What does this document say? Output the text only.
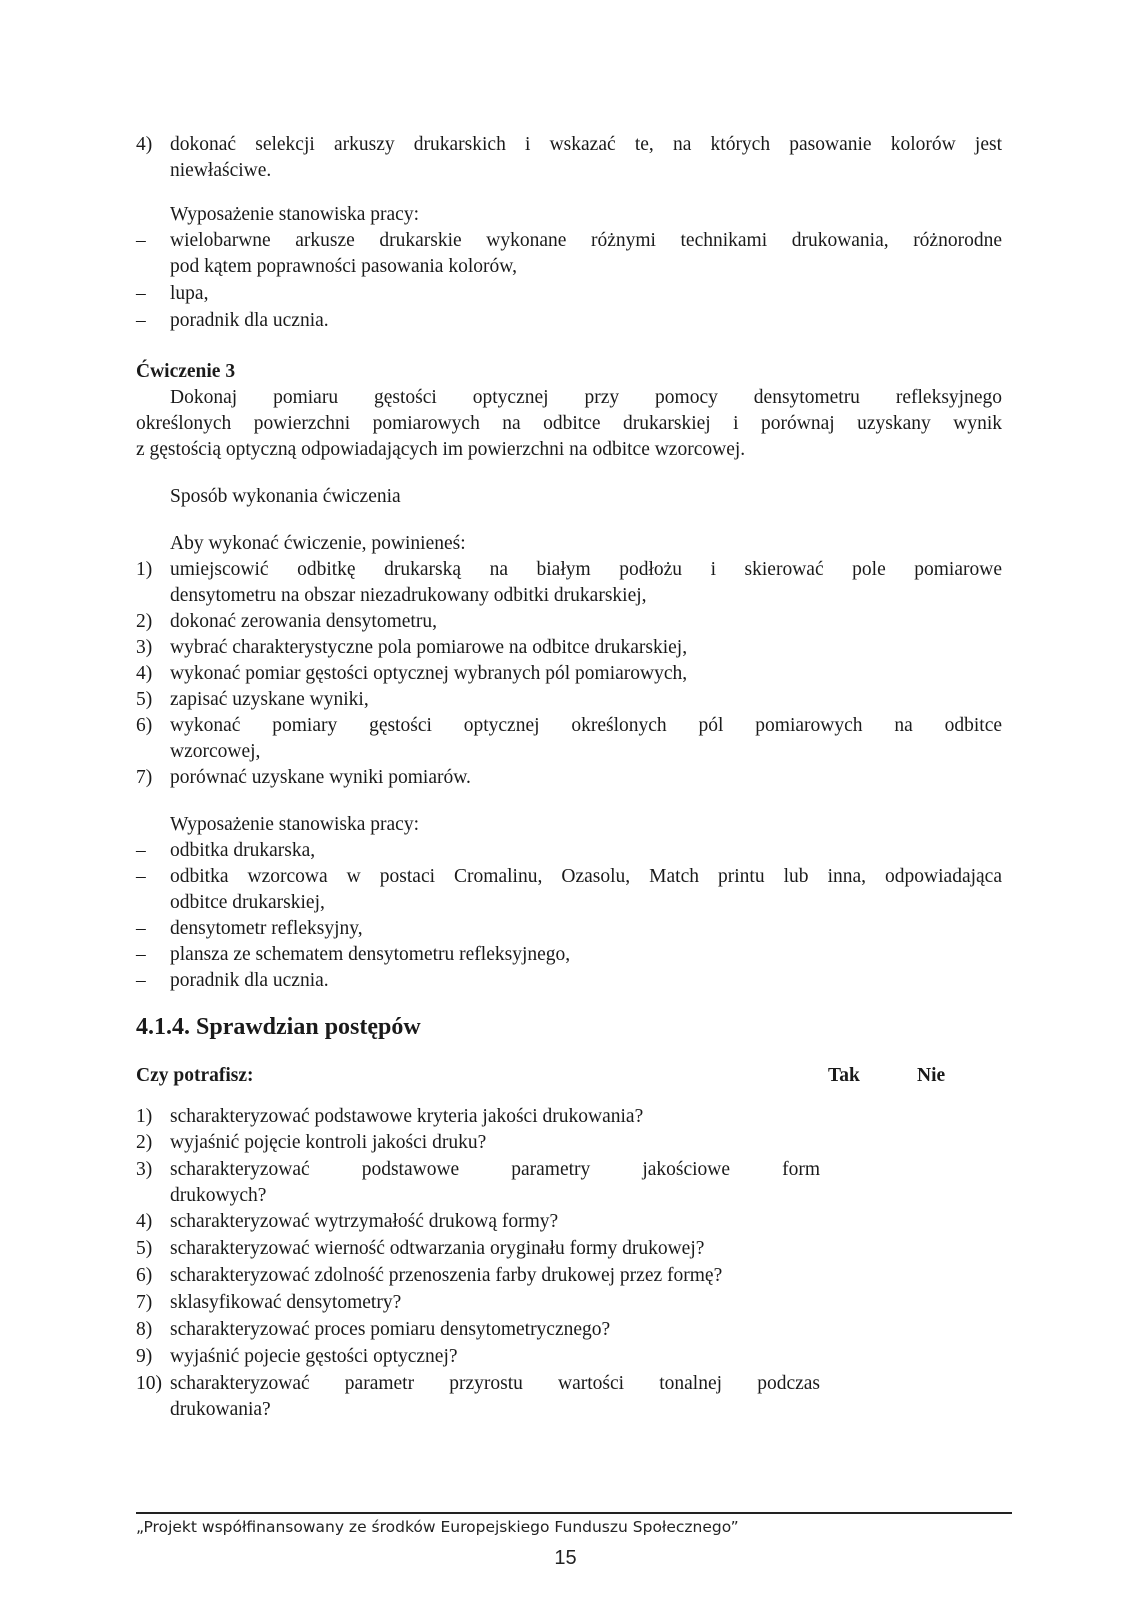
4) dokonać selekcji arkuszy drukarskich i wskazać te, na których pasowanie kolorów jest
niewłaściwe.
Wyposażenie stanowiska pracy:
– wielobarwne arkusze drukarskie wykonane różnymi technikami drukowania, różnorodne
pod kątem poprawności pasowania kolorów,
– lupa,
– poradnik dla ucznia.
Ćwiczenie 3
Dokonaj pomiaru gęstości optycznej przy pomocy densytometru refleksyjnego
określonych powierzchni pomiarowych na odbitce drukarskiej i porównaj uzyskany wynik
z gęstością optyczną odpowiadających im powierzchni na odbitce wzorcowej.
Sposób wykonania ćwiczenia
Aby wykonać ćwiczenie, powinieneś:
1) umiejscowić odbitkę drukarską na białym podłożu i skierować pole pomiarowe
densytometru na obszar niezadrukowany odbitki drukarskiej,
2) dokonać zerowania densytometru,
3) wybrać charakterystyczne pola pomiarowe na odbitce drukarskiej,
4) wykonać pomiar gęstości optycznej wybranych pól pomiarowych,
5) zapisać uzyskane wyniki,
6) wykonać pomiary gęstości optycznej określonych pól pomiarowych na odbitce
wzorcowej,
7) porównać uzyskane wyniki pomiarów.
Wyposażenie stanowiska pracy:
– odbitka drukarska,
– odbitka wzorcowa w postaci Cromalinu, Ozasolu, Match printu lub inna, odpowiadająca
odbitce drukarskiej,
– densytometr refleksyjny,
– plansza ze schematem densytometru refleksyjnego,
– poradnik dla ucznia.
4.1.4. Sprawdzian postępów
Czy potrafisz:	Tak	Nie
1) scharakteryzować podstawowe kryteria jakości drukowania?
2) wyjaśnić pojęcie kontroli jakości druku?
3) scharakteryzować podstawowe parametry jakościowe form
drukowych?
4) scharakteryzować wytrzymałość drukową formy?
5) scharakteryzować wierność odtwarzania oryginału formy drukowej?
6) scharakteryzować zdolność przenoszenia farby drukowej przez formę?
7) sklasyfikować densytometry?
8) scharakteryzować proces pomiaru densytometrycznego?
9) wyjaśnić pojecie gęstości optycznej?
10) scharakteryzować parametr przyrostu wartości tonalnej podczas
drukowania?
„Projekt współfinansowany ze środków Europejskiego Funduszu Społecznego”
15
